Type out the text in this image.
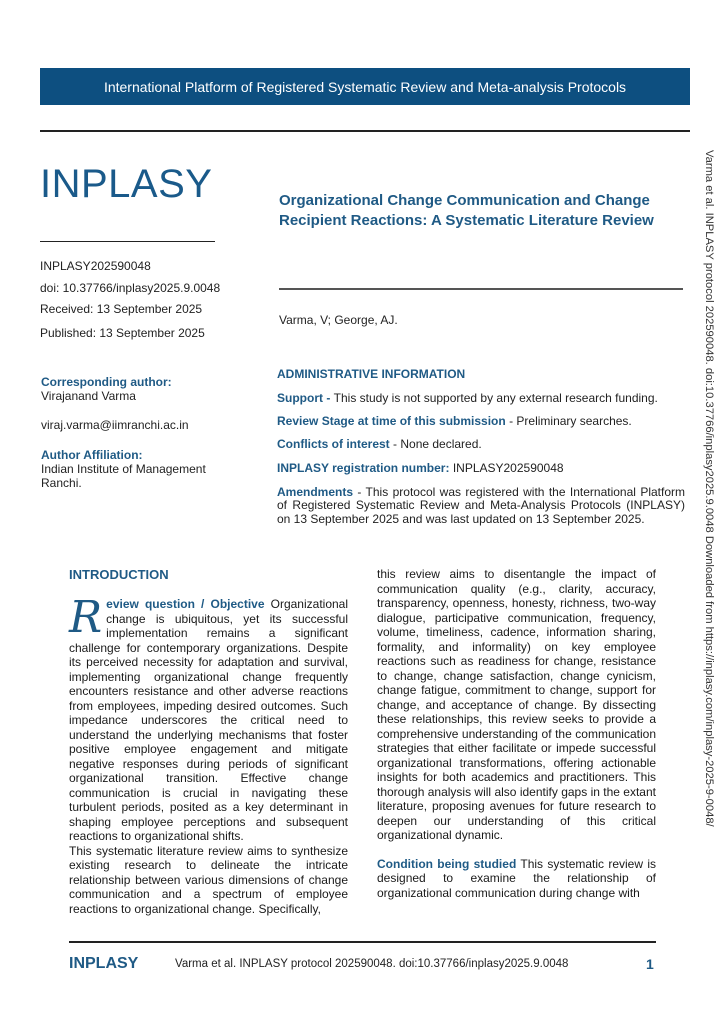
International Platform of Registered Systematic Review and Meta-analysis Protocols
INPLASY
INPLASY202590048
doi: 10.37766/inplasy2025.9.0048
Received: 13 September 2025
Published: 13 September 2025
Organizational Change Communication and Change Recipient Reactions: A Systematic Literature Review
Varma, V; George, AJ.
Corresponding author:
Virajanand Varma
viraj.varma@iimranchi.ac.in
Author Affiliation:
Indian Institute of Management Ranchi.
ADMINISTRATIVE INFORMATION
Support - This study is not supported by any external research funding.
Review Stage at time of this submission - Preliminary searches.
Conflicts of interest - None declared.
INPLASY registration number: INPLASY202590048
Amendments - This protocol was registered with the International Platform of Registered Systematic Review and Meta-Analysis Protocols (INPLASY) on 13 September 2025 and was last updated on 13 September 2025.	Varma et al. INPLASY protocol 202590048. doi:10.37766/inplasy2025.9.0048 Downloaded from https://inplasy.com/inplasy-2025-9-0048/
INTRODUCTION

Review question / Objective Organizational change is ubiquitous, yet its successful implementation remains a significant challenge for contemporary organizations. Despite its perceived necessity for adaptation and survival, implementing organizational change frequently encounters resistance and other adverse reactions from employees, impeding desired outcomes. Such impedance underscores the critical need to understand the underlying mechanisms that foster positive employee engagement and mitigate negative responses during periods of significant organizational transition. Effective change communication is crucial in navigating these turbulent periods, posited as a key determinant in shaping employee perceptions and subsequent reactions to organizational shifts.

This systematic literature review aims to synthesize existing research to delineate the intricate relationship between various dimensions of change communication and a spectrum of employee reactions to organizational change. Specifically,

this review aims to disentangle the impact of communication quality (e.g., clarity, accuracy, transparency, openness, honesty, richness, two-way dialogue, participative communication, frequency, volume, timeliness, cadence, information sharing, formality, and informality) on key employee reactions such as readiness for change, resistance to change, change satisfaction, change cynicism, change fatigue, commitment to change, support for change, and acceptance of change. By dissecting these relationships, this review seeks to provide a comprehensive understanding of the communication strategies that either facilitate or impede successful organizational transformations, offering actionable insights for both academics and practitioners. This thorough analysis will also identify gaps in the extant literature, proposing avenues for future research to deepen our understanding of this critical organizational dynamic.

Condition being studied This systematic review is designed to examine the relationship of organizational communication during change with

INPLASY	Varma et al. INPLASY protocol 202590048. doi:10.37766/inplasy2025.9.0048	1
